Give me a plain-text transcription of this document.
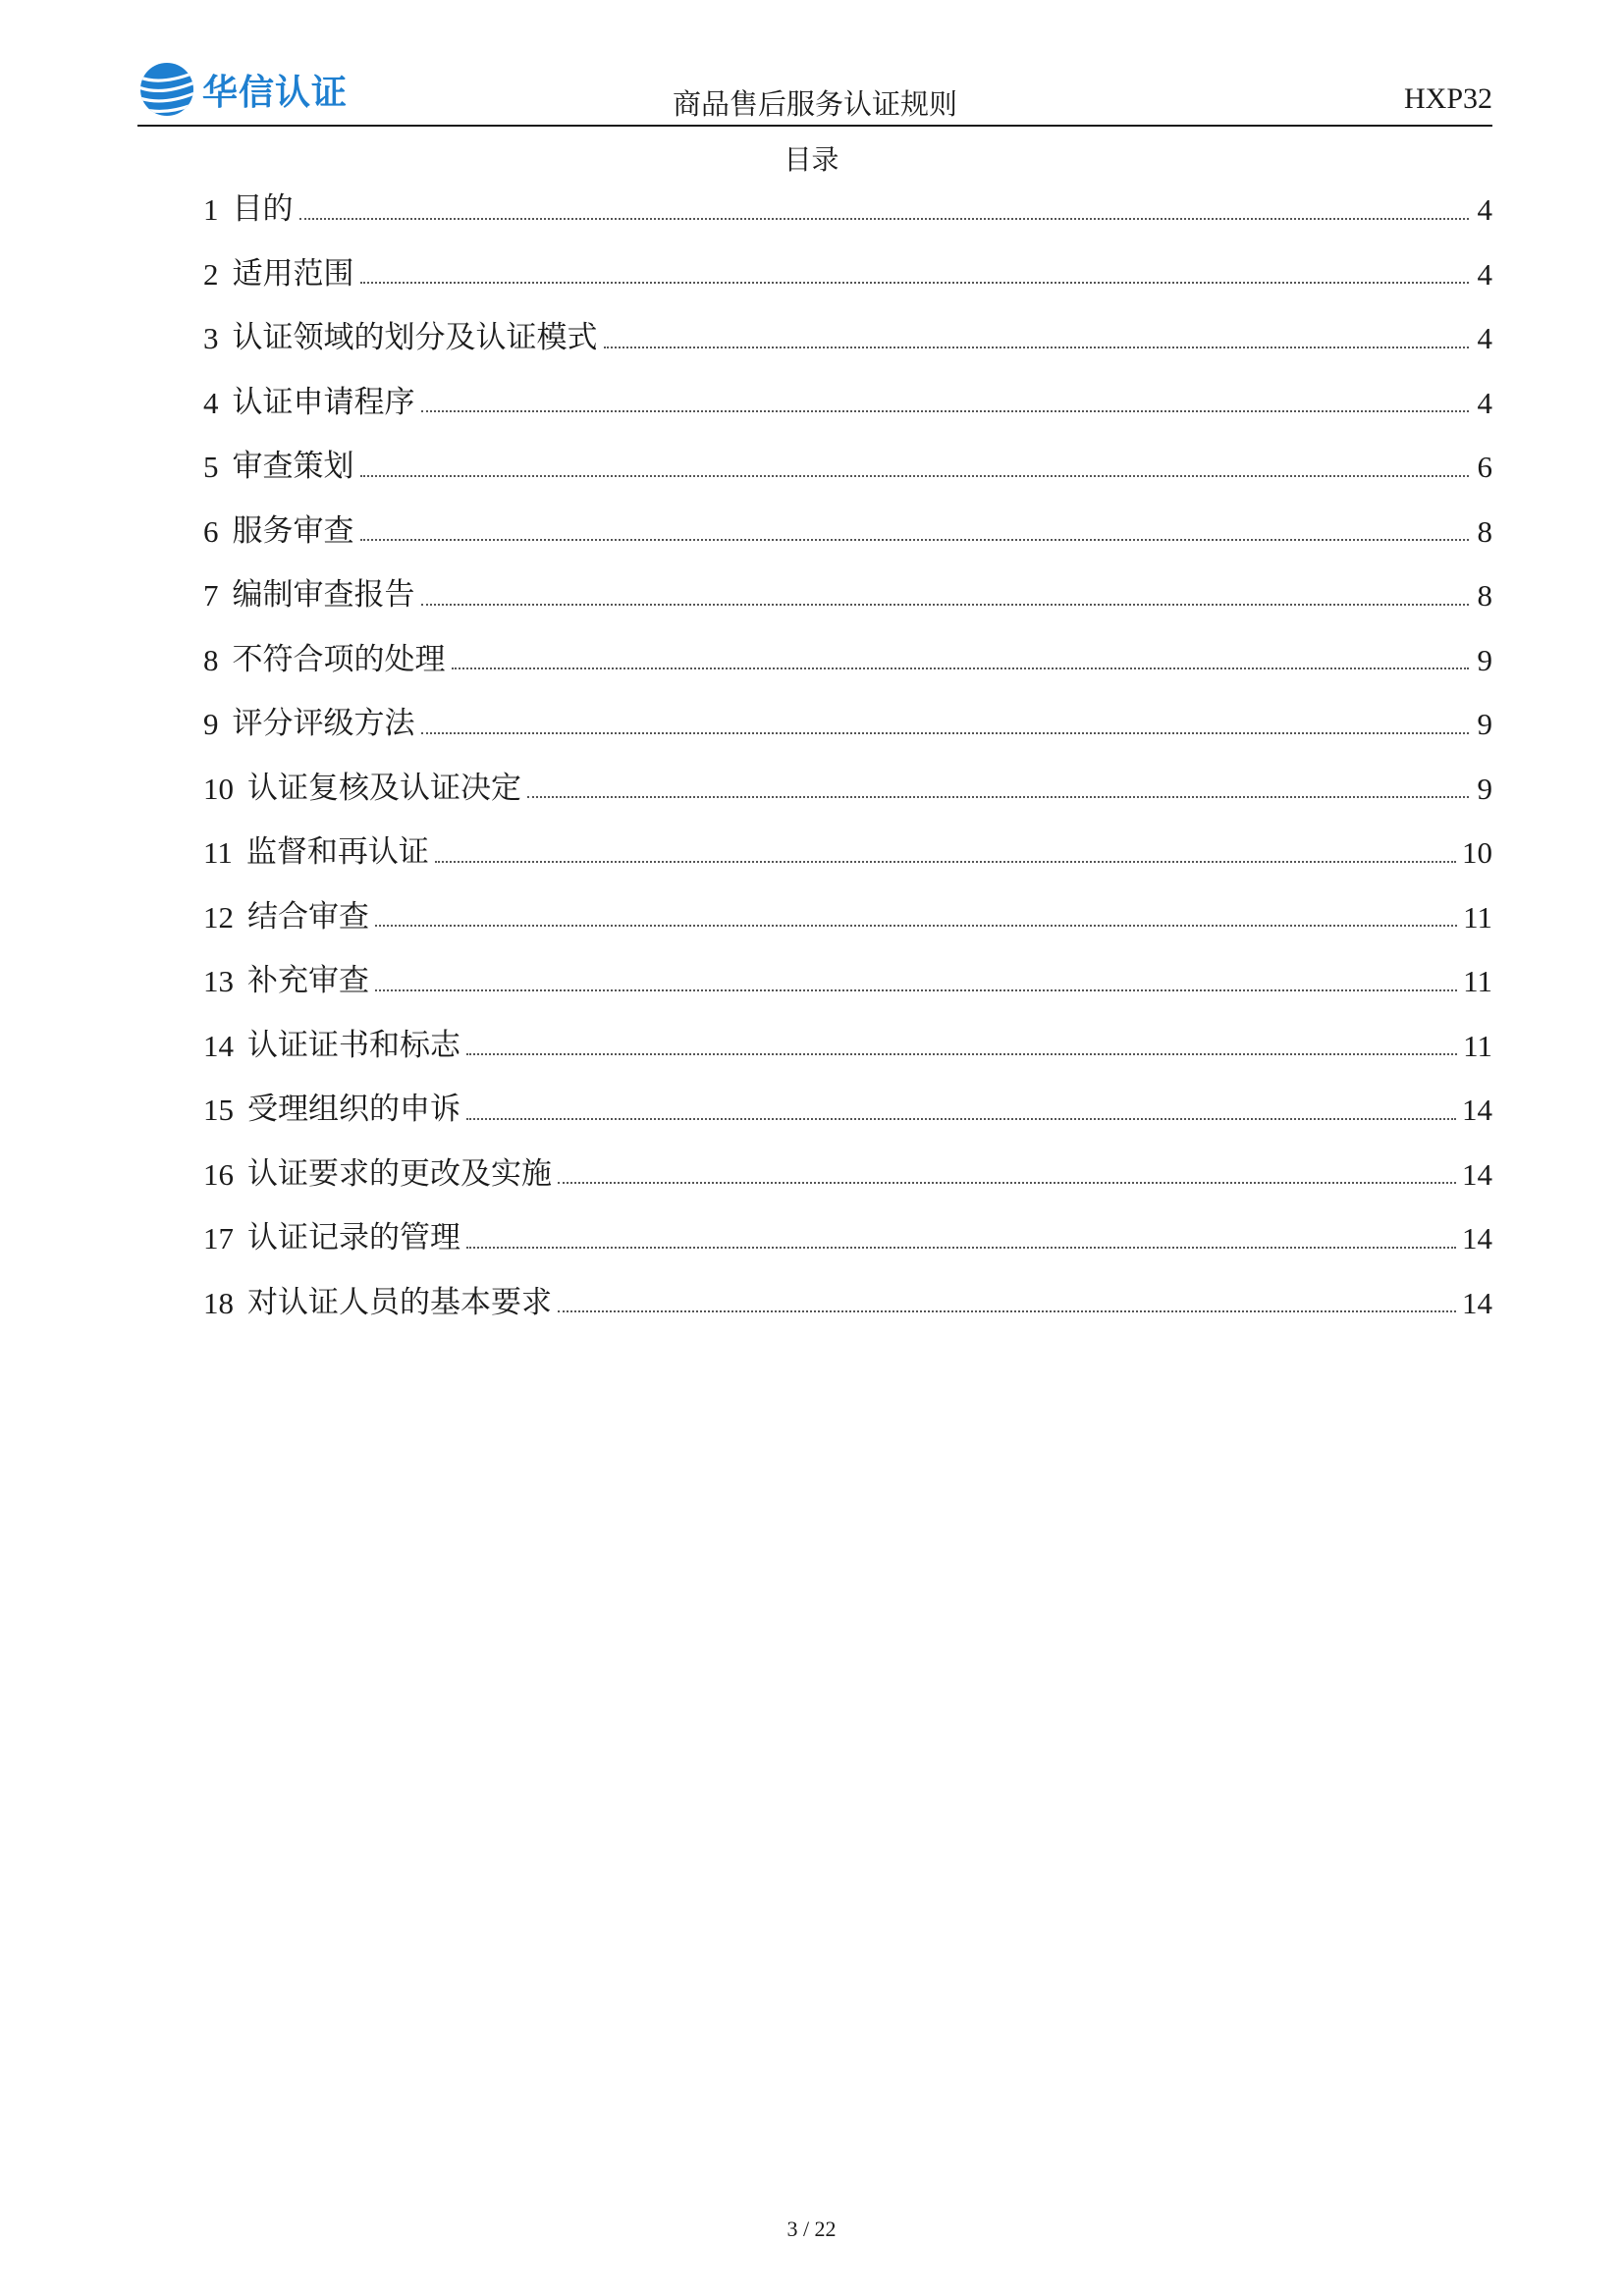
华信认证	商品售后服务认证规则	HXP32
目录
1 目的	4
2 适用范围	4
3 认证领域的划分及认证模式	4
4 认证申请程序	4
5 审查策划	6
6 服务审查	8
7 编制审查报告	8
8 不符合项的处理	9
9 评分评级方法	9
10 认证复核及认证决定	9
11 监督和再认证	10
12 结合审查	11
13 补充审查	11
14 认证证书和标志	11
15 受理组织的申诉	14
16 认证要求的更改及实施	14
17 认证记录的管理	14
18 对认证人员的基本要求	14
3 / 22
